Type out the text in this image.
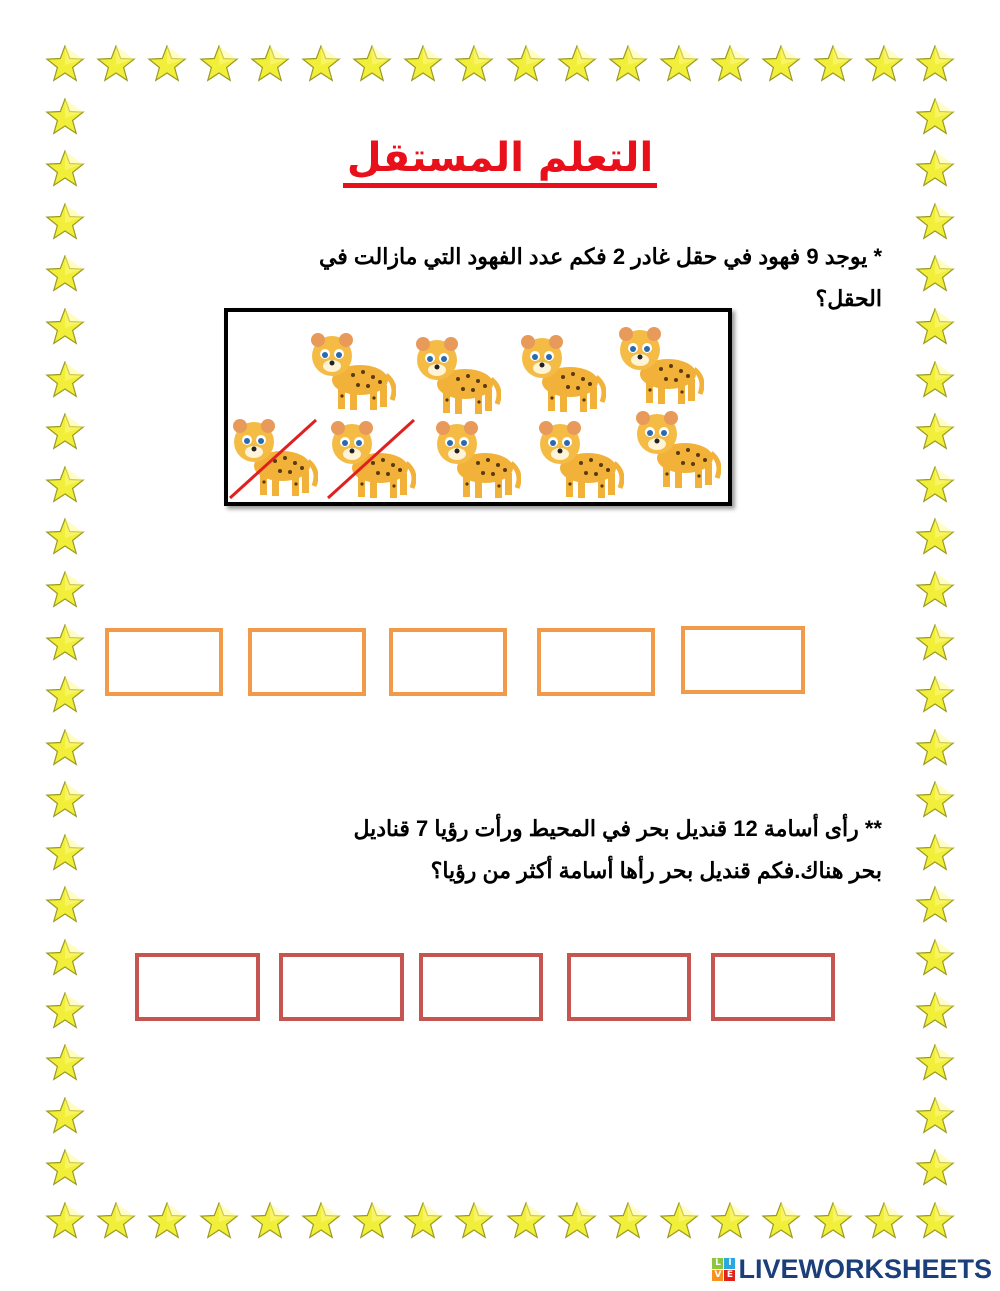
التعلم المستقل
* يوجد 9 فهود في حقل غادر 2 فكم عدد الفهود التي مازالت في
الحقل؟
** رأى أسامة 12 قنديل بحر في المحيط ورأت رؤيا 7 قناديل
بحر هناك.فكم قنديل بحر رأها أسامة أكثر من رؤيا؟
L I
V E LIVEWORKSHEETS
